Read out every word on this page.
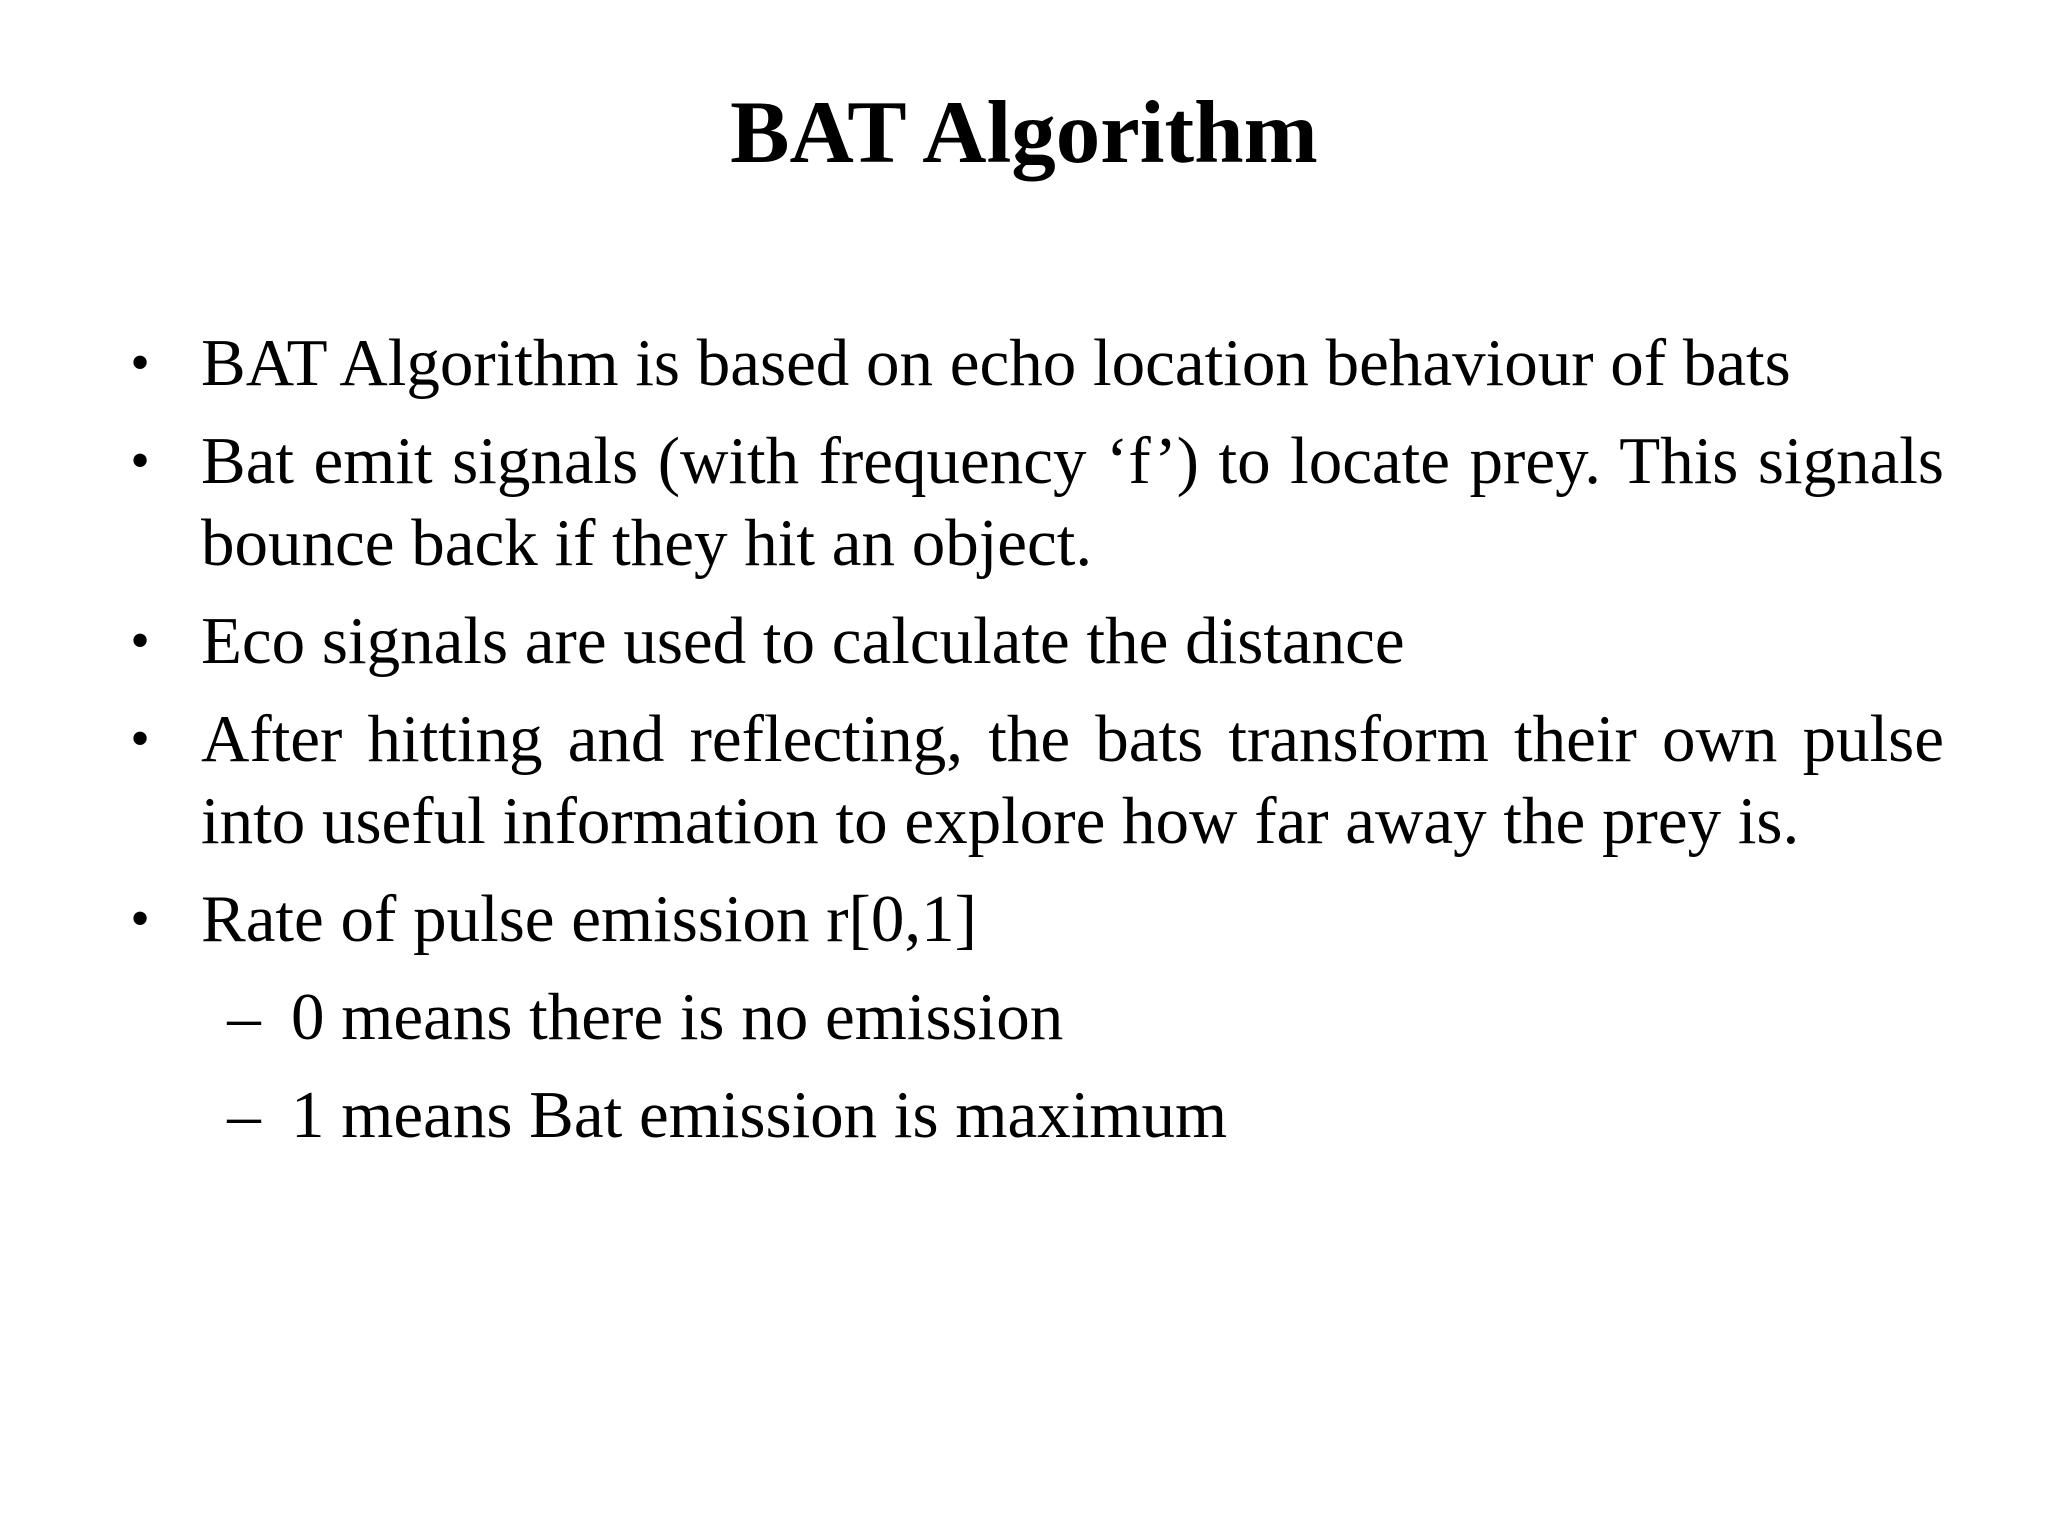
BAT Algorithm
• BAT Algorithm is based on echo location behaviour of bats
• Bat emit signals (with frequency ‘f’) to locate prey. This signals bounce back if they hit an object.
• Eco signals are used to calculate the distance
• After hitting and reflecting, the bats transform their own pulse into useful information to explore how far away the prey is.
• Rate of pulse emission r[0,1]
– 0 means there is no emission
– 1 means Bat emission is maximum
